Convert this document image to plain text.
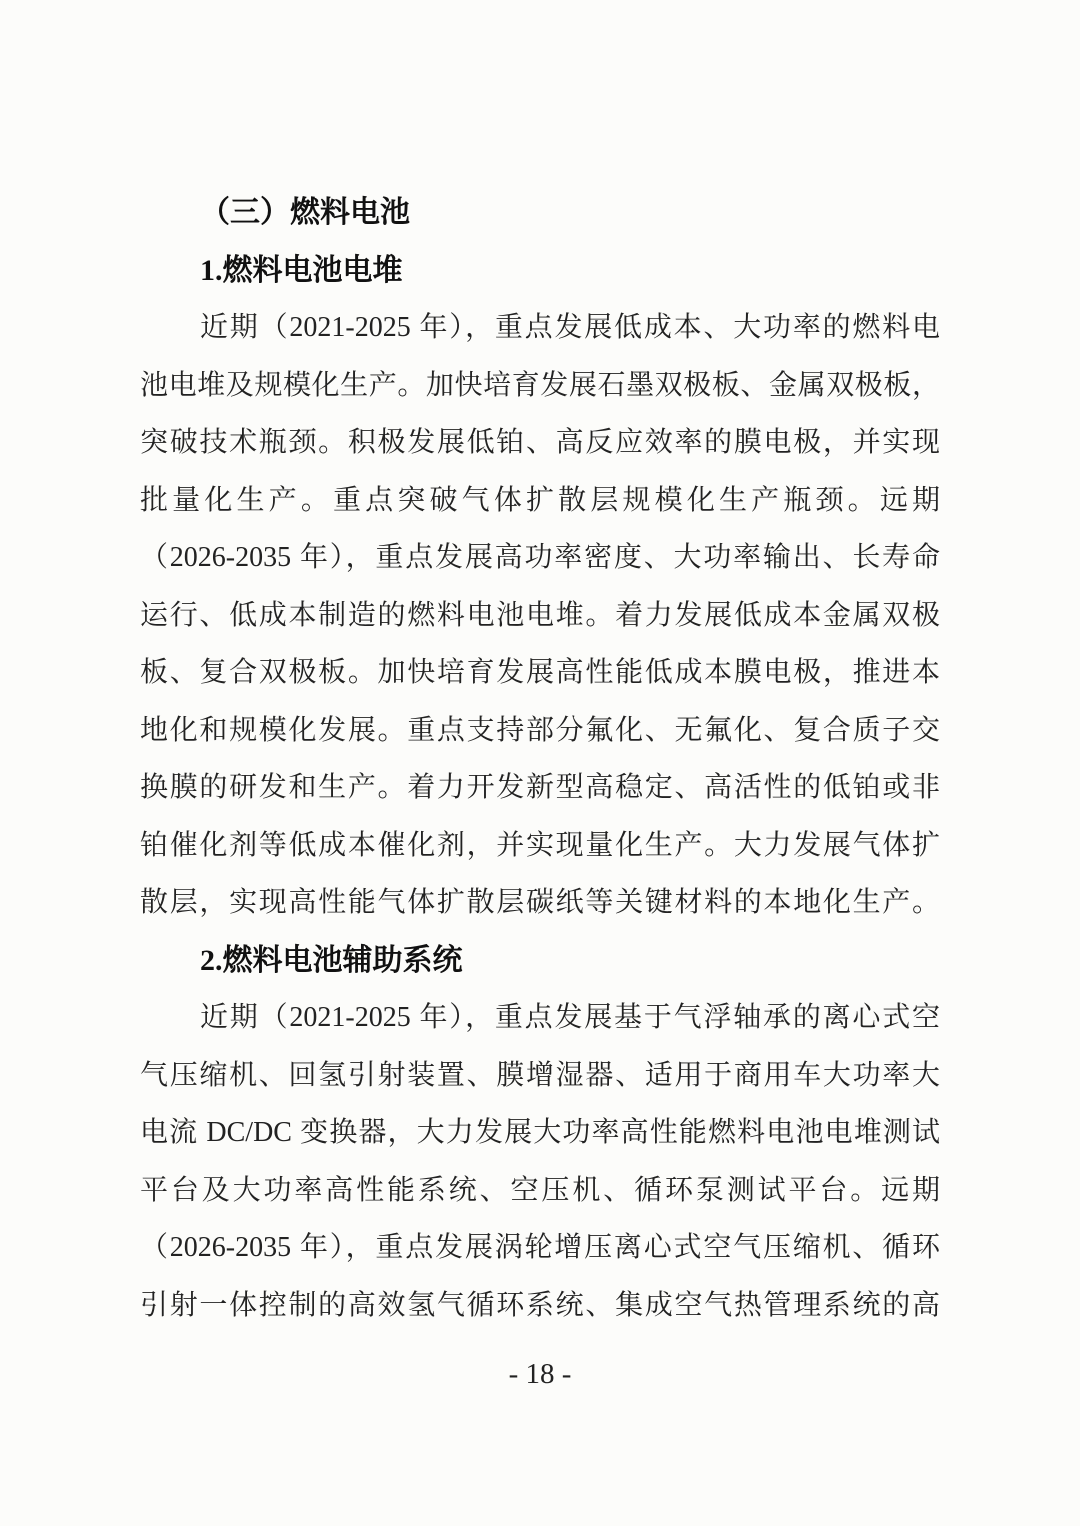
（三）燃料电池
1.燃料电池电堆
近期（2021-2025 年），重点发展低成本、大功率的燃料电
池电堆及规模化生产。加快培育发展石墨双极板、金属双极板，
突破技术瓶颈。积极发展低铂、高反应效率的膜电极，并实现
批量化生产。重点突破气体扩散层规模化生产瓶颈。远期
（2026-2035 年），重点发展高功率密度、大功率输出、长寿命
运行、低成本制造的燃料电池电堆。着力发展低成本金属双极
板、复合双极板。加快培育发展高性能低成本膜电极，推进本
地化和规模化发展。重点支持部分氟化、无氟化、复合质子交
换膜的研发和生产。着力开发新型高稳定、高活性的低铂或非
铂催化剂等低成本催化剂，并实现量化生产。大力发展气体扩
散层，实现高性能气体扩散层碳纸等关键材料的本地化生产。
2.燃料电池辅助系统
近期（2021-2025 年），重点发展基于气浮轴承的离心式空
气压缩机、回氢引射装置、膜增湿器、适用于商用车大功率大
电流 DC/DC 变换器，大力发展大功率高性能燃料电池电堆测试
平台及大功率高性能系统、空压机、循环泵测试平台。远期
（2026-2035 年），重点发展涡轮增压离心式空气压缩机、循环
引射一体控制的高效氢气循环系统、集成空气热管理系统的高
- 18 -
